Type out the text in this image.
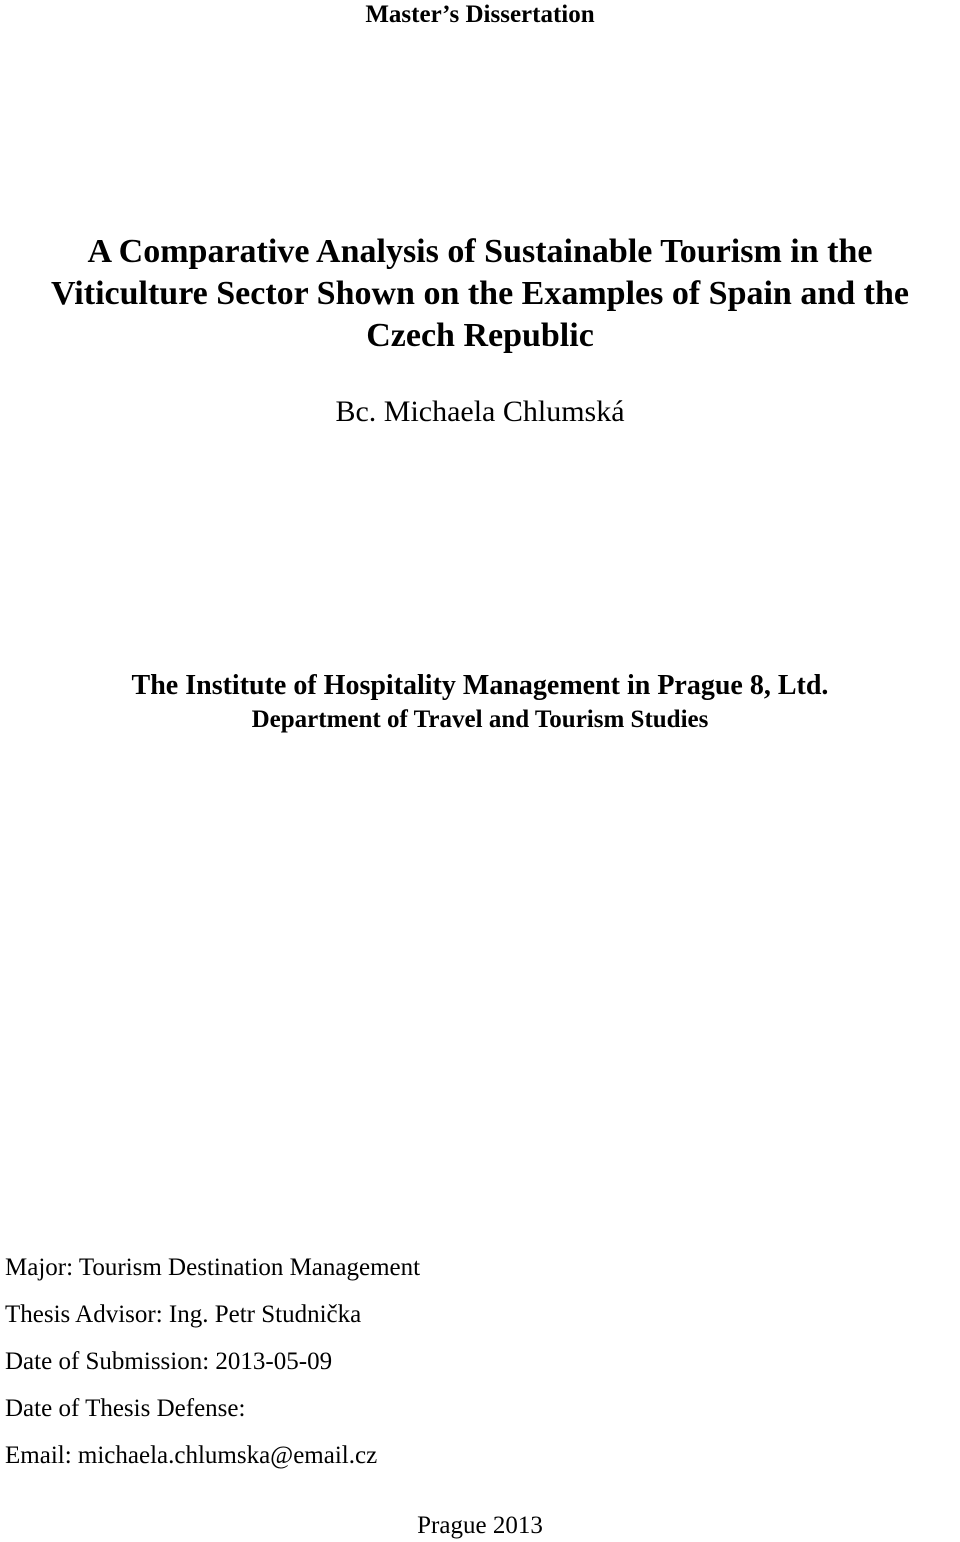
Master’s Dissertation
A Comparative Analysis of Sustainable Tourism in the
Viticulture Sector Shown on the Examples of Spain and the
Czech Republic
Bc. Michaela Chlumská
The Institute of Hospitality Management in Prague 8, Ltd.
Department of Travel and Tourism Studies
Major: Tourism Destination Management
Thesis Advisor: Ing. Petr Studnička
Date of Submission: 2013-05-09
Date of Thesis Defense:
Email: michaela.chlumska@email.cz
Prague 2013
